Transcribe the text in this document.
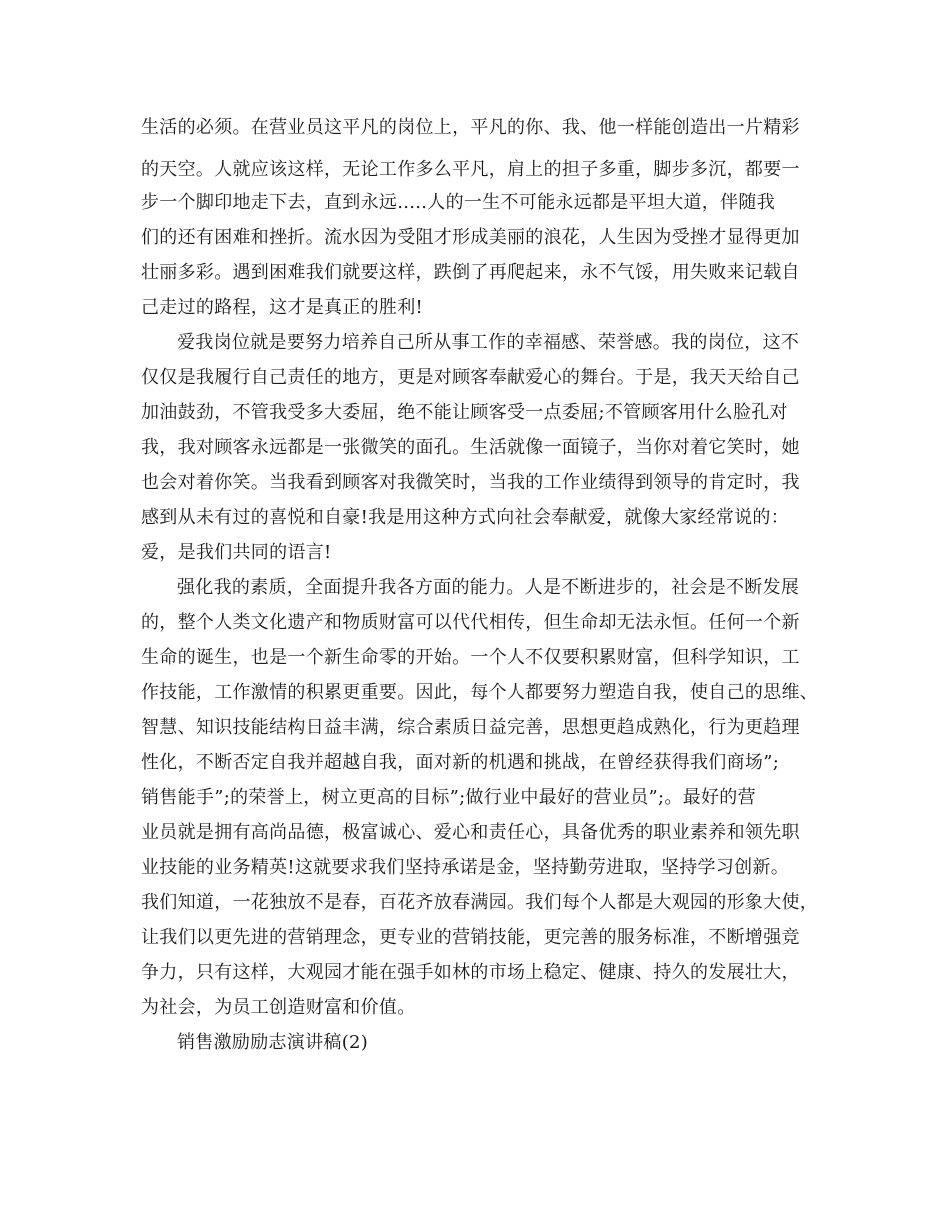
生活的必须。在营业员这平凡的岗位上，平凡的你、我、他一样能创造出一片精彩
的天空。人就应该这样，无论工作多么平凡，肩上的担子多重，脚步多沉，都要一
步一个脚印地走下去，直到永远.....人的一生不可能永远都是平坦大道，伴随我
们的还有困难和挫折。流水因为受阻才形成美丽的浪花，人生因为受挫才显得更加
壮丽多彩。遇到困难我们就要这样，跌倒了再爬起来，永不气馁，用失败来记载自
己走过的路程，这才是真正的胜利!
爱我岗位就是要努力培养自己所从事工作的幸福感、荣誉感。我的岗位，这不
仅仅是我履行自己责任的地方，更是对顾客奉献爱心的舞台。于是，我天天给自己
加油鼓劲，不管我受多大委屈，绝不能让顾客受一点委屈;不管顾客用什么脸孔对
我，我对顾客永远都是一张微笑的面孔。生活就像一面镜子，当你对着它笑时，她
也会对着你笑。当我看到顾客对我微笑时，当我的工作业绩得到领导的肯定时，我
感到从未有过的喜悦和自豪!我是用这种方式向社会奉献爱，就像大家经常说的：
爱，是我们共同的语言!
强化我的素质，全面提升我各方面的能力。人是不断进步的，社会是不断发展
的，整个人类文化遗产和物质财富可以代代相传，但生命却无法永恒。任何一个新
生命的诞生，也是一个新生命零的开始。一个人不仅要积累财富，但科学知识，工
作技能，工作激情的积累更重要。因此，每个人都要努力塑造自我，使自己的思维、
智慧、知识技能结构日益丰满，综合素质日益完善，思想更趋成熟化，行为更趋理
性化，不断否定自我并超越自我，面对新的机遇和挑战，在曾经获得我们商场”;
销售能手”;的荣誉上，树立更高的目标”;做行业中最好的营业员”;。最好的营
业员就是拥有高尚品德，极富诚心、爱心和责任心，具备优秀的职业素养和领先职
业技能的业务精英!这就要求我们坚持承诺是金，坚持勤劳进取，坚持学习创新。
我们知道，一花独放不是春，百花齐放春满园。我们每个人都是大观园的形象大使，
让我们以更先进的营销理念，更专业的营销技能，更完善的服务标准，不断增强竞
争力，只有这样，大观园才能在强手如林的市场上稳定、健康、持久的发展壮大，
为社会，为员工创造财富和价值。
销售激励励志演讲稿(2)
